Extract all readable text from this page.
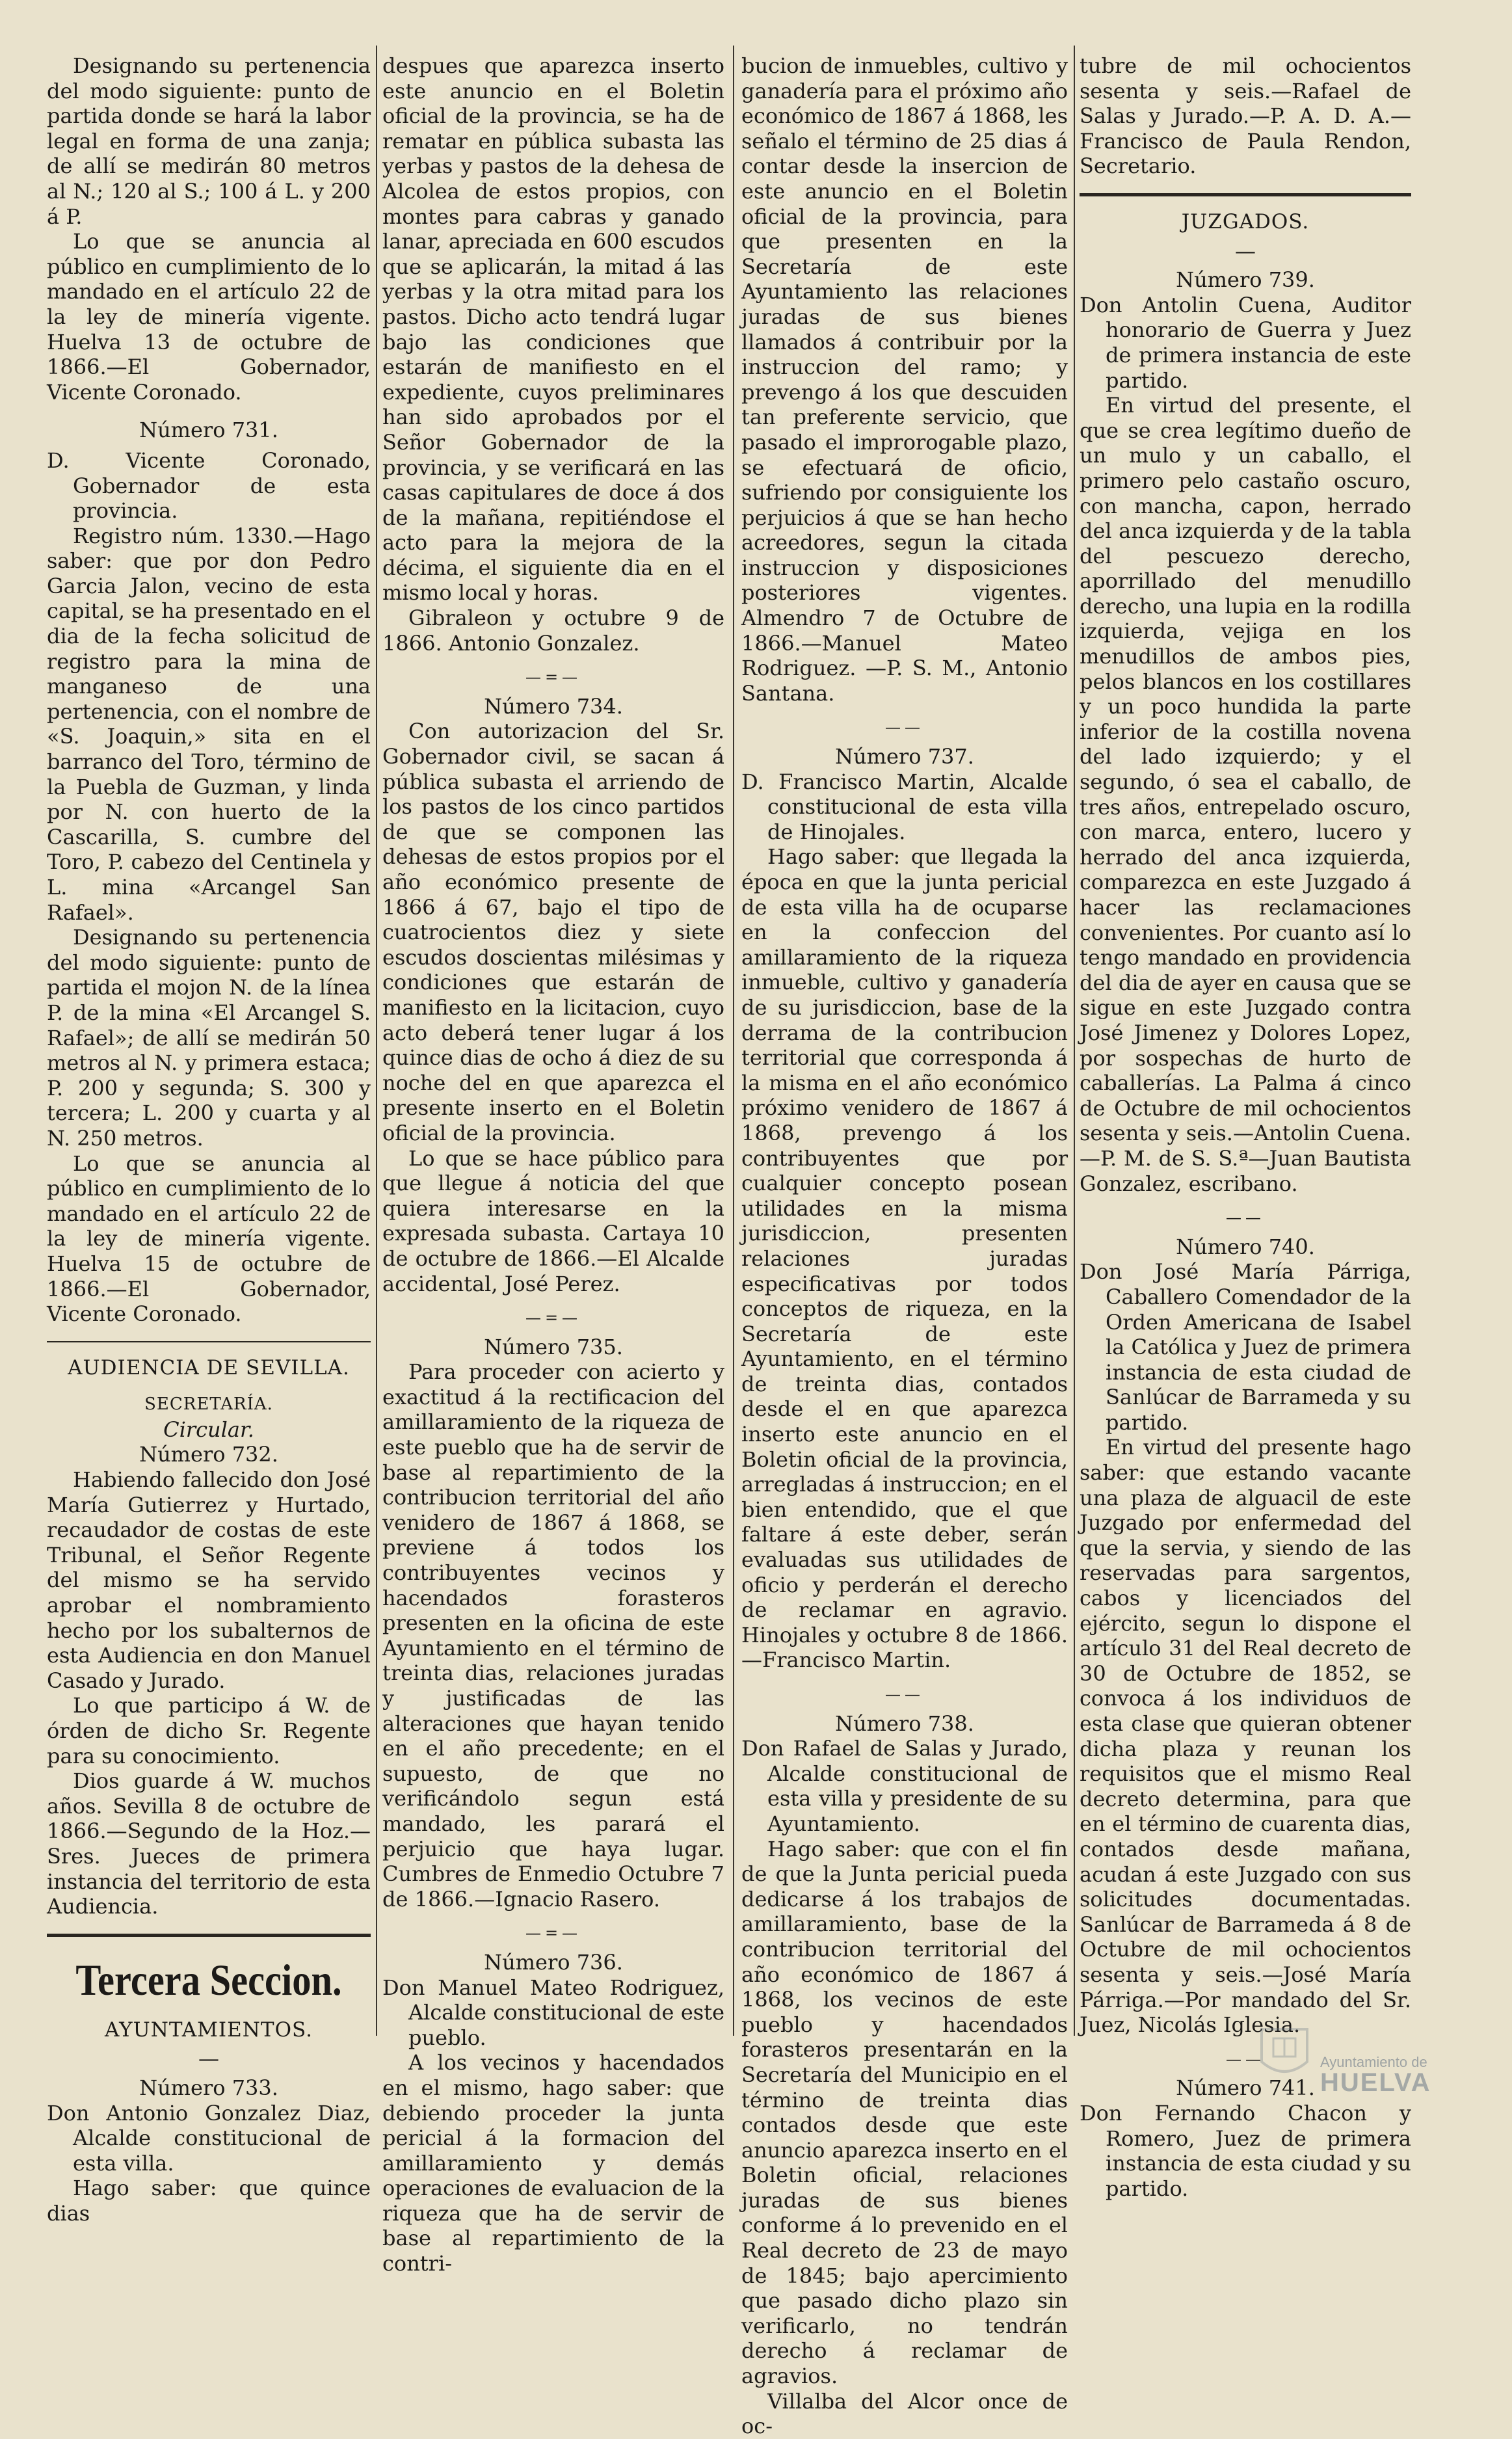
Designando su pertenencia del modo siguiente: punto de partida donde se hará la labor legal en forma de una zanja; de allí se medirán 80 metros al N.; 120 al S.; 100 á L. y 200 á P.

Lo que se anuncia al público en cumplimiento de lo mandado en el artículo 22 de la ley de minería vigente. Huelva 13 de octubre de 1866.—El Gobernador, Vicente Coronado.

Número 731.

D. Vicente Coronado, Gobernador de esta provincia.

Registro núm. 1330.—Hago saber: que por don Pedro Garcia Jalon, vecino de esta capital, se ha presentado en el dia de la fecha solicitud de registro para la mina de manganeso de una pertenencia, con el nombre de «S. Joaquin,» sita en el barranco del Toro, término de la Puebla de Guzman, y linda por N. con huerto de la Cascarilla, S. cumbre del Toro, P. cabezo del Centinela y L. mina «Arcangel San Rafael».

Designando su pertenencia del modo siguiente: punto de partida el mojon N. de la línea P. de la mina «El Arcangel S. Rafael»; de allí se medirán 50 metros al N. y primera estaca; P. 200 y segunda; S. 300 y tercera; L. 200 y cuarta y al N. 250 metros.

Lo que se anuncia al público en cumplimiento de lo mandado en el artículo 22 de la ley de minería vigente. Huelva 15 de octubre de 1866.—El Gobernador, Vicente Coronado.

AUDIENCIA DE SEVILLA.

SECRETARÍA.

Circular.

Número 732.

Habiendo fallecido don José María Gutierrez y Hurtado, recaudador de costas de este Tribunal, el Señor Regente del mismo se ha servido aprobar el nombramiento hecho por los subalternos de esta Audiencia en don Manuel Casado y Jurado.

Lo que participo á W. de órden de dicho Sr. Regente para su conocimiento.

Dios guarde á W. muchos años. Sevilla 8 de octubre de 1866.—Segundo de la Hoz.—Sres. Jueces de primera instancia del territorio de esta Audiencia.

Tercera Seccion.

AYUNTAMIENTOS.

—

Número 733.

Don Antonio Gonzalez Diaz, Alcalde constitucional de esta villa.

Hago saber: que quince dias

despues que aparezca inserto este anuncio en el Boletin oficial de la provincia, se ha de rematar en pública subasta las yerbas y pastos de la dehesa de Alcolea de estos propios, con montes para cabras y ganado lanar, apreciada en 600 escudos que se aplicarán, la mitad á las yerbas y la otra mitad para los pastos. Dicho acto tendrá lugar bajo las condiciones que estarán de manifiesto en el expediente, cuyos preliminares han sido aprobados por el Señor Gobernador de la provincia, y se verificará en las casas capitulares de doce á dos de la mañana, repitiéndose el acto para la mejora de la décima, el siguiente dia en el mismo local y horas.

Gibraleon y octubre 9 de 1866. Antonio Gonzalez.

—=—

Número 734.

Con autorizacion del Sr. Gobernador civil, se sacan á pública subasta el arriendo de los pastos de los cinco partidos de que se componen las dehesas de estos propios por el año económico presente de 1866 á 67, bajo el tipo de cuatrocientos diez y siete escudos doscientas milésimas y condiciones que estarán de manifiesto en la licitacion, cuyo acto deberá tener lugar á los quince dias de ocho á diez de su noche del en que aparezca el presente inserto en el Boletin oficial de la provincia.

Lo que se hace público para que llegue á noticia del que quiera interesarse en la expresada subasta. Cartaya 10 de octubre de 1866.—El Alcalde accidental, José Perez.

—=—

Número 735.

Para proceder con acierto y exactitud á la rectificacion del amillaramiento de la riqueza de este pueblo que ha de servir de base al repartimiento de la contribucion territorial del año venidero de 1867 á 1868, se previene á todos los contribuyentes vecinos y hacendados forasteros presenten en la oficina de este Ayuntamiento en el término de treinta dias, relaciones juradas y justificadas de las alteraciones que hayan tenido en el año precedente; en el supuesto, de que no verificándolo segun está mandado, les parará el perjuicio que haya lugar. Cumbres de Enmedio Octubre 7 de 1866.—Ignacio Rasero.

—=—

Número 736.

Don Manuel Mateo Rodriguez, Alcalde constitucional de este pueblo.

A los vecinos y hacendados en el mismo, hago saber: que debiendo proceder la junta pericial á la formacion del amillaramiento y demás operaciones de evaluacion de la riqueza que ha de servir de base al repartimiento de la contri-

bucion de inmuebles, cultivo y ganadería para el próximo año económico de 1867 á 1868, les señalo el término de 25 dias á contar desde la insercion de este anuncio en el Boletin oficial de la provincia, para que presenten en la Secretaría de este Ayuntamiento las relaciones juradas de sus bienes llamados á contribuir por la instruccion del ramo; y prevengo á los que descuiden tan preferente servicio, que pasado el improrogable plazo, se efectuará de oficio, sufriendo por consiguiente los perjuicios á que se han hecho acreedores, segun la citada instruccion y disposiciones posteriores vigentes. Almendro 7 de Octubre de 1866.—Manuel Mateo Rodriguez. —P. S. M., Antonio Santana.

——

Número 737.

D. Francisco Martin, Alcalde constitucional de esta villa de Hinojales.

Hago saber: que llegada la época en que la junta pericial de esta villa ha de ocuparse en la confeccion del amillaramiento de la riqueza inmueble, cultivo y ganadería de su jurisdiccion, base de la derrama de la contribucion territorial que corresponda á la misma en el año económico próximo venidero de 1867 á 1868, prevengo á los contribuyentes que por cualquier concepto posean utilidades en la misma jurisdiccion, presenten relaciones juradas especificativas por todos conceptos de riqueza, en la Secretaría de este Ayuntamiento, en el término de treinta dias, contados desde el en que aparezca inserto este anuncio en el Boletin oficial de la provincia, arregladas á instruccion; en el bien entendido, que el que faltare á este deber, serán evaluadas sus utilidades de oficio y perderán el derecho de reclamar en agravio. Hinojales y octubre 8 de 1866.—Francisco Martin.

——

Número 738.

Don Rafael de Salas y Jurado, Alcalde constitucional de esta villa y presidente de su Ayuntamiento.

Hago saber: que con el fin de que la Junta pericial pueda dedicarse á los trabajos de amillaramiento, base de la contribucion territorial del año económico de 1867 á 1868, los vecinos de este pueblo y hacendados forasteros presentarán en la Secretaría del Municipio en el término de treinta dias contados desde que este anuncio aparezca inserto en el Boletin oficial, relaciones juradas de sus bienes conforme á lo prevenido en el Real decreto de 23 de mayo de 1845; bajo apercimiento que pasado dicho plazo sin verificarlo, no tendrán derecho á reclamar de agravios.

Villalba del Alcor once de oc-

tubre de mil ochocientos sesenta y seis.—Rafael de Salas y Jurado.—P. A. D. A.—Francisco de Paula Rendon, Secretario.

JUZGADOS.

—

Número 739.

Don Antolin Cuena, Auditor honorario de Guerra y Juez de primera instancia de este partido.

En virtud del presente, el que se crea legítimo dueño de un mulo y un caballo, el primero pelo castaño oscuro, con mancha, capon, herrado del anca izquierda y de la tabla del pescuezo derecho, aporrillado del menudillo derecho, una lupia en la rodilla izquierda, vejiga en los menudillos de ambos pies, pelos blancos en los costillares y un poco hundida la parte inferior de la costilla novena del lado izquierdo; y el segundo, ó sea el caballo, de tres años, entrepelado oscuro, con marca, entero, lucero y herrado del anca izquierda, comparezca en este Juzgado á hacer las reclamaciones convenientes. Por cuanto así lo tengo mandado en providencia del dia de ayer en causa que se sigue en este Juzgado contra José Jimenez y Dolores Lopez, por sospechas de hurto de caballerías. La Palma á cinco de Octubre de mil ochocientos sesenta y seis.—Antolin Cuena.—P. M. de S. S.ª—Juan Bautista Gonzalez, escribano.

——

Número 740.

Don José María Párriga, Caballero Comendador de la Orden Americana de Isabel la Católica y Juez de primera instancia de esta ciudad de Sanlúcar de Barrameda y su partido.

En virtud del presente hago saber: que estando vacante una plaza de alguacil de este Juzgado por enfermedad del que la servia, y siendo de las reservadas para sargentos, cabos y licenciados del ejército, segun lo dispone el artículo 31 del Real decreto de 30 de Octubre de 1852, se convoca á los individuos de esta clase que quieran obtener dicha plaza y reunan los requisitos que el mismo Real decreto determina, para que en el término de cuarenta dias, contados desde mañana, acudan á este Juzgado con sus solicitudes documentadas. Sanlúcar de Barrameda á 8 de Octubre de mil ochocientos sesenta y seis.—José María Párriga.—Por mandado del Sr. Juez, Nicolás Iglesia.

——

Número 741.

Don Fernando Chacon y Romero, Juez de primera instancia de esta ciudad y su partido.

Ayuntamiento de
HUELVA
